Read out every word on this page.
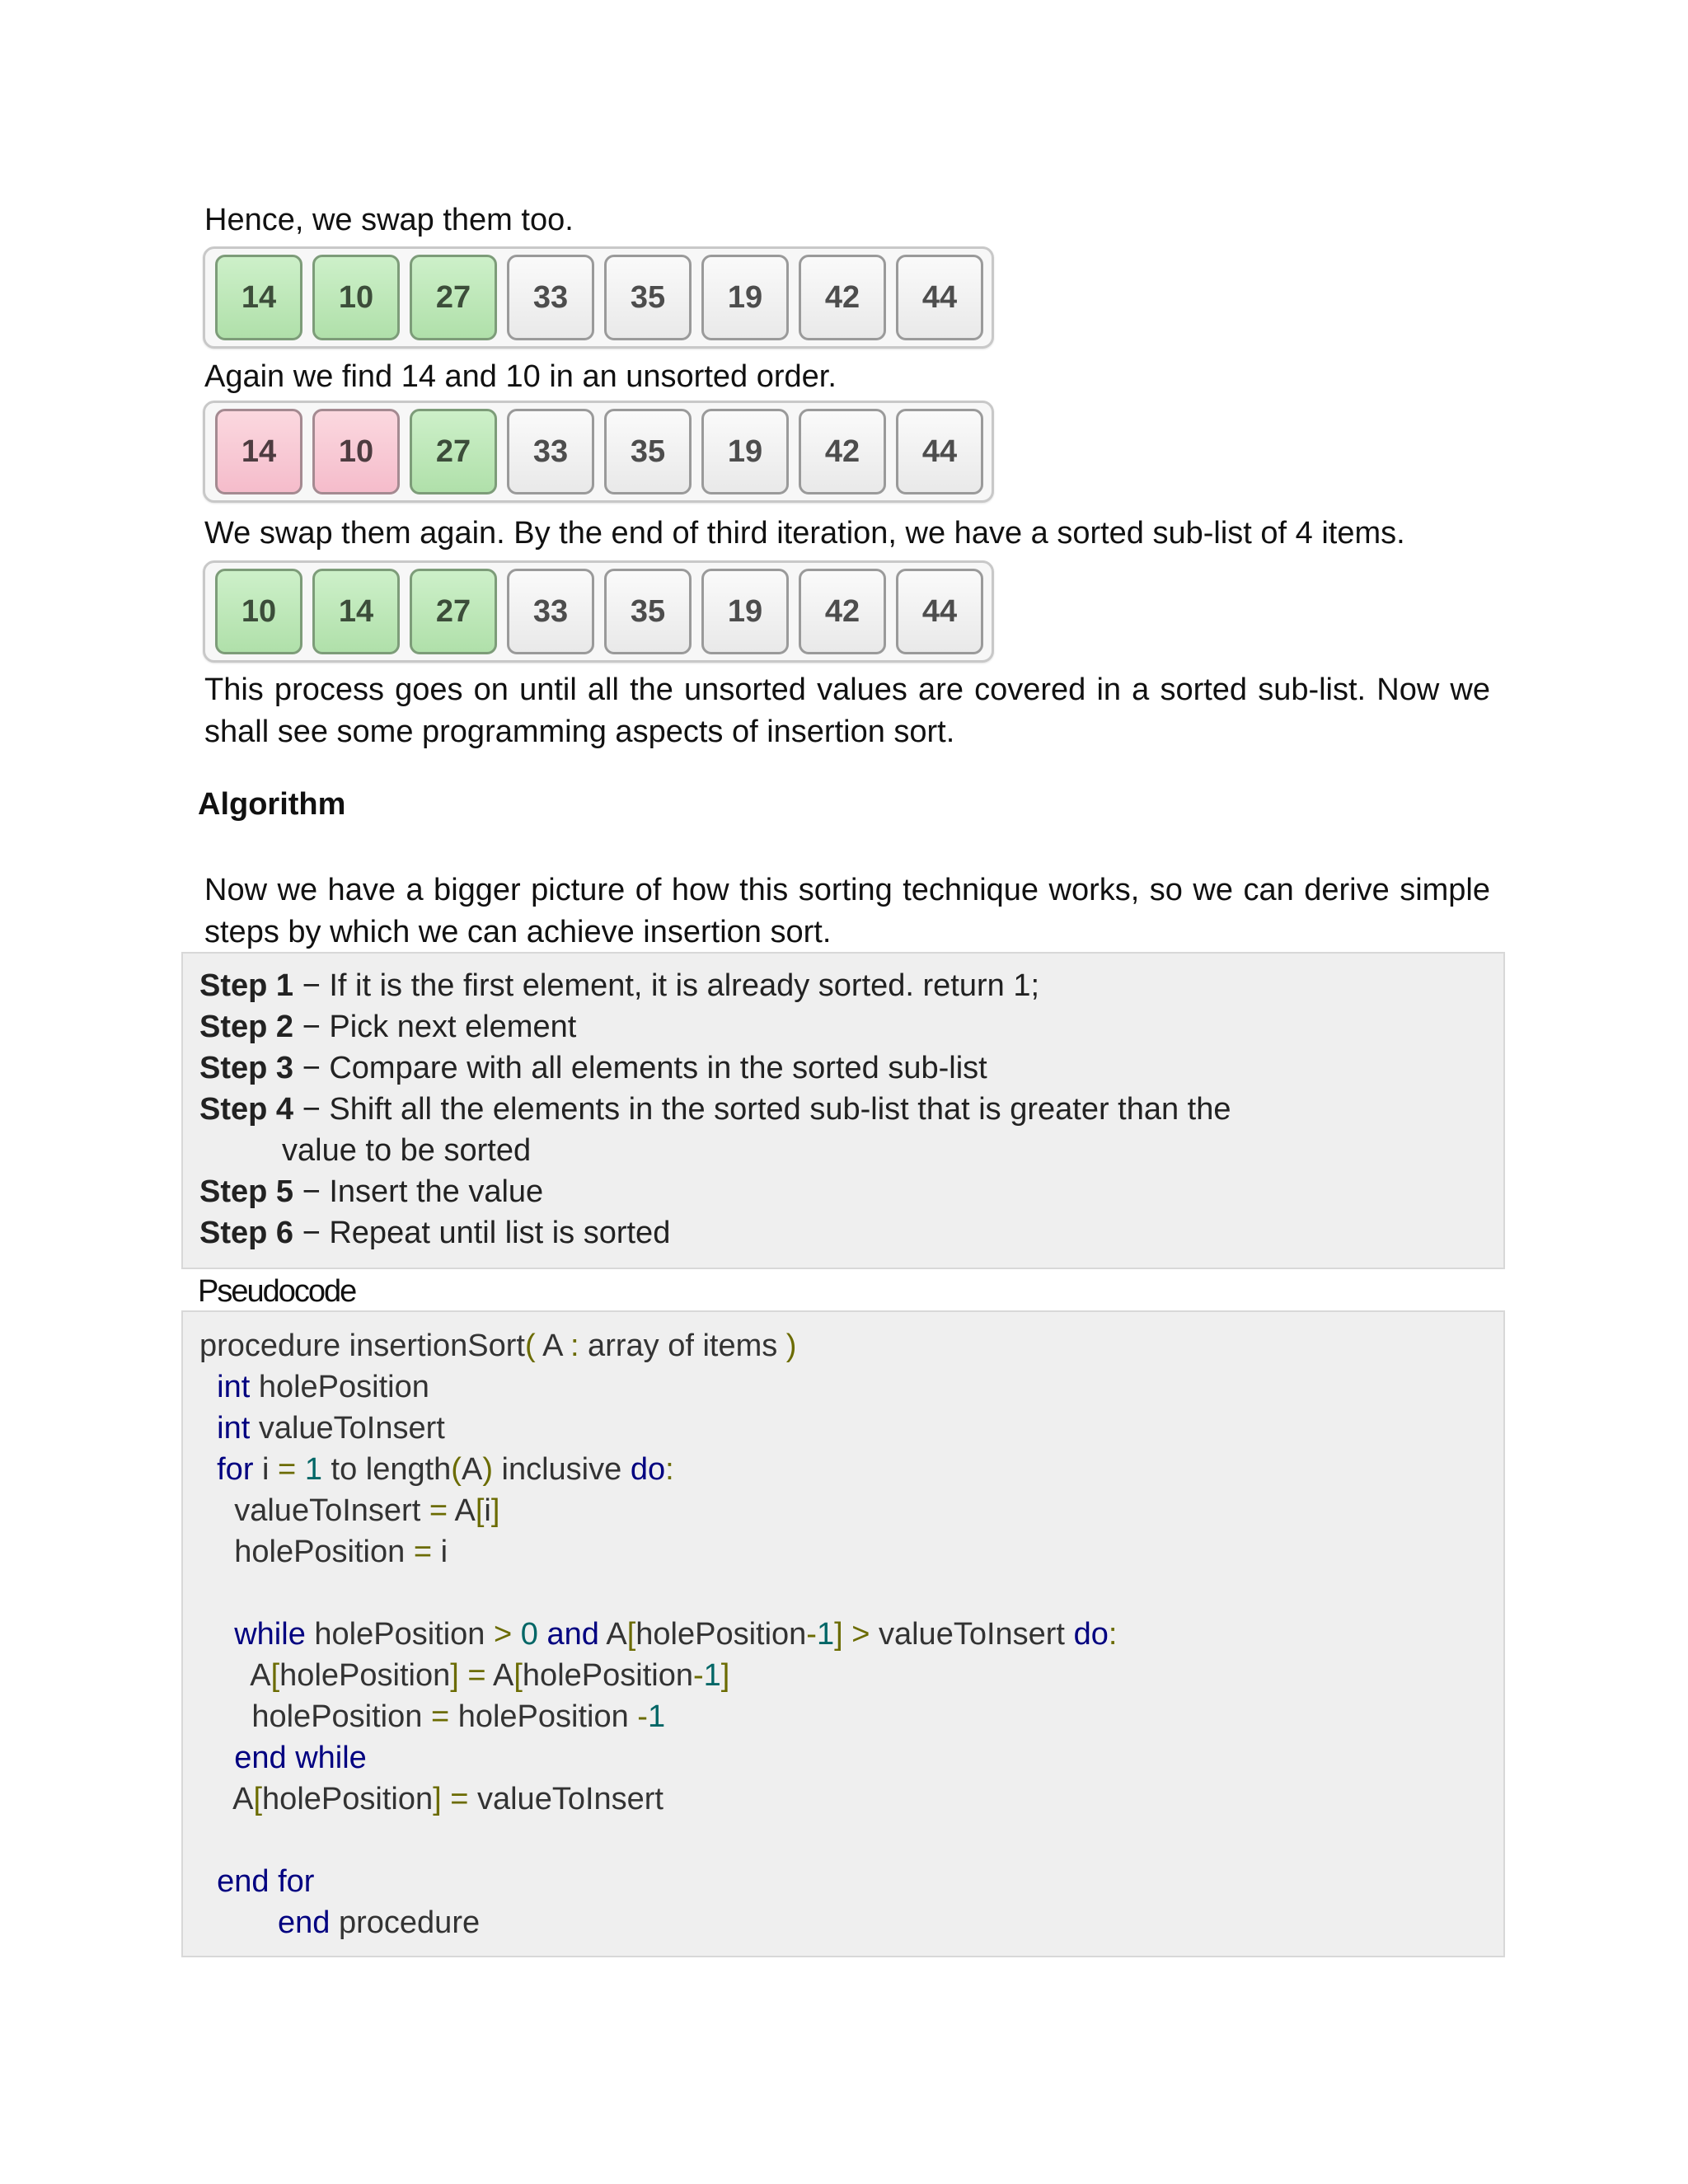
Hence, we swap them too.

14	10	27	33	35	19	42	44

Again we find 14 and 10 in an unsorted order.

14	10	27	33	35	19	42	44

We swap them again. By the end of third iteration, we have a sorted sub-list of 4 items.

10	14	27	33	35	19	42	44

This process goes on until all the unsorted values are covered in a sorted sub-list. Now we shall see some programming aspects of insertion sort.

Algorithm

Now we have a bigger picture of how this sorting technique works, so we can derive simple steps by which we can achieve insertion sort.

Step 1 − If it is the first element, it is already sorted. return 1;
Step 2 − Pick next element
Step 3 − Compare with all elements in the sorted sub-list
Step 4 − Shift all the elements in the sorted sub-list that is greater than the
value to be sorted
Step 5 − Insert the value
Step 6 − Repeat until list is sorted
Pseudocode
procedure insertionSort( A : array of items )
int holePosition
int valueToInsert
for i = 1 to length(A) inclusive do:
valueToInsert = A[i]
holePosition = i
while holePosition > 0 and A[holePosition-1] > valueToInsert do:
A[holePosition] = A[holePosition-1]
holePosition = holePosition -1
end while
A[holePosition] = valueToInsert
end for
end procedure
